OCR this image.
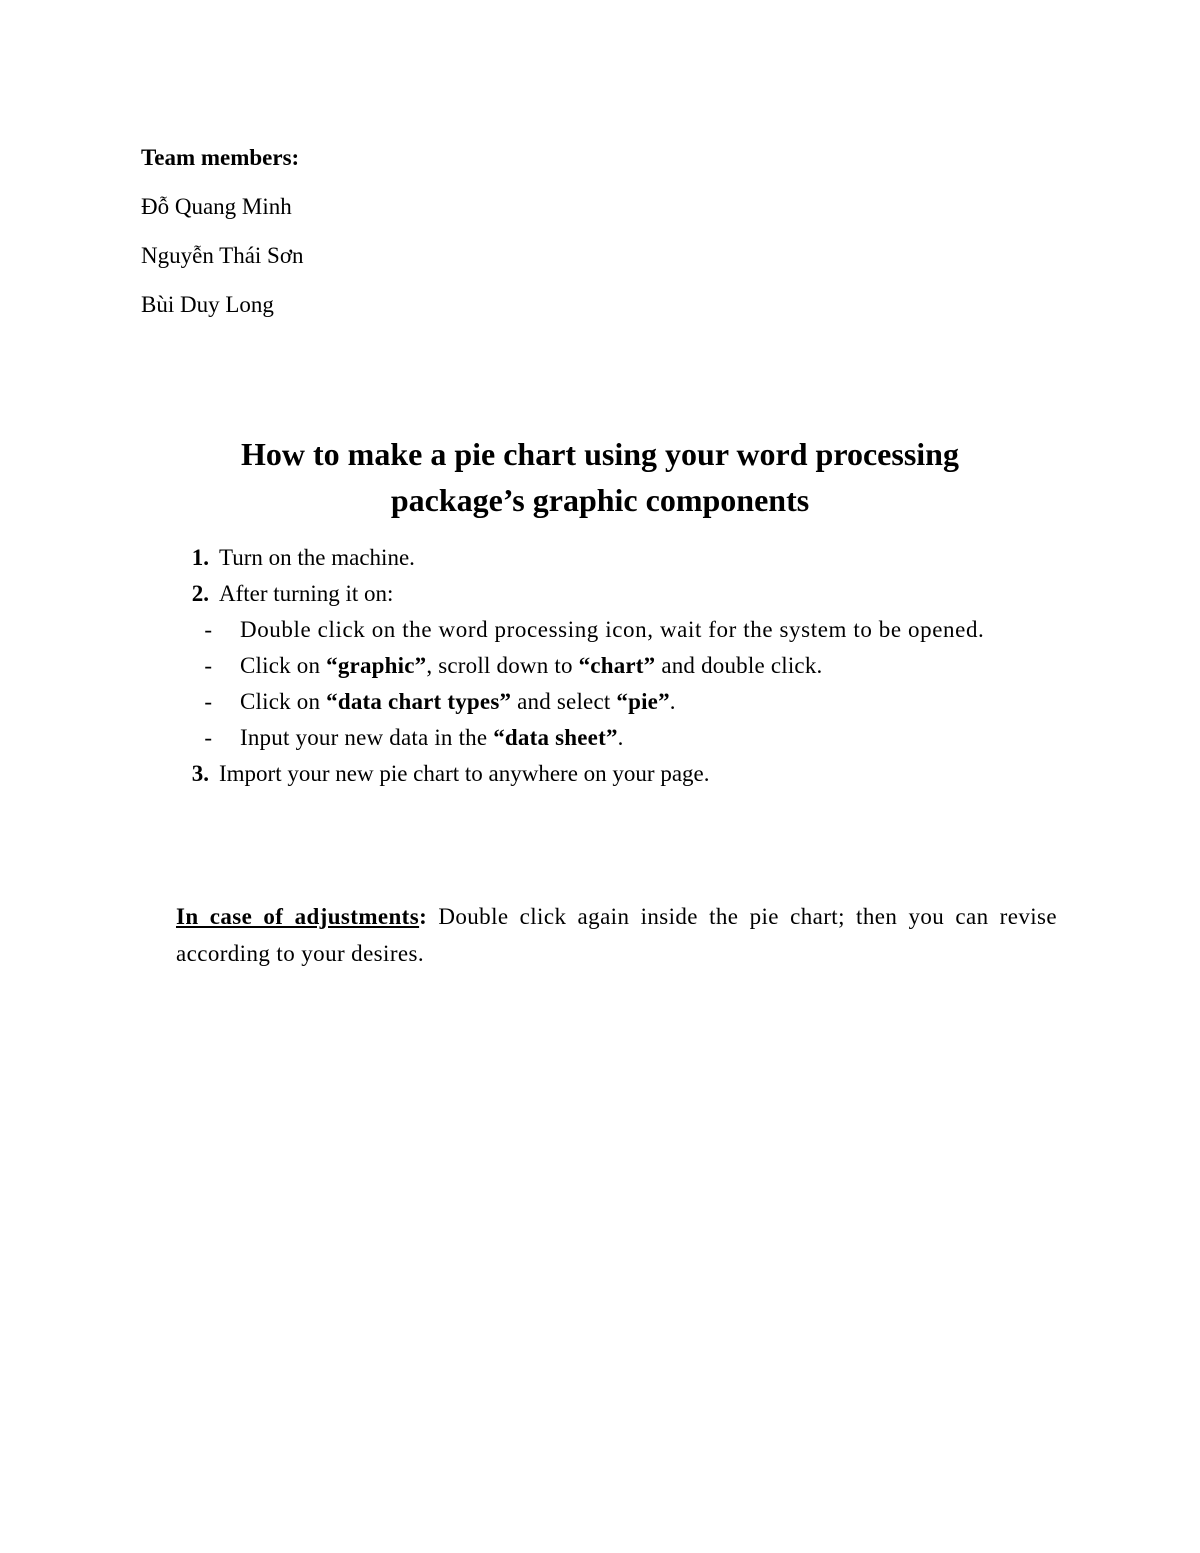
Team members:
Đỗ Quang Minh
Nguyễn Thái Sơn
Bùi Duy Long
How to make a pie chart using your word processing
package’s graphic components
1. Turn on the machine.
2. After turning it on:
-	Double click on the word processing icon, wait for the system to be opened.
-	Click on “graphic”, scroll down to “chart” and double click.
-	Click on “data chart types” and select “pie”.
-	Input your new data in the “data sheet”.
3. Import your new pie chart to anywhere on your page.
In case of adjustments: Double click again inside the pie chart; then you can revise according to your desires.
